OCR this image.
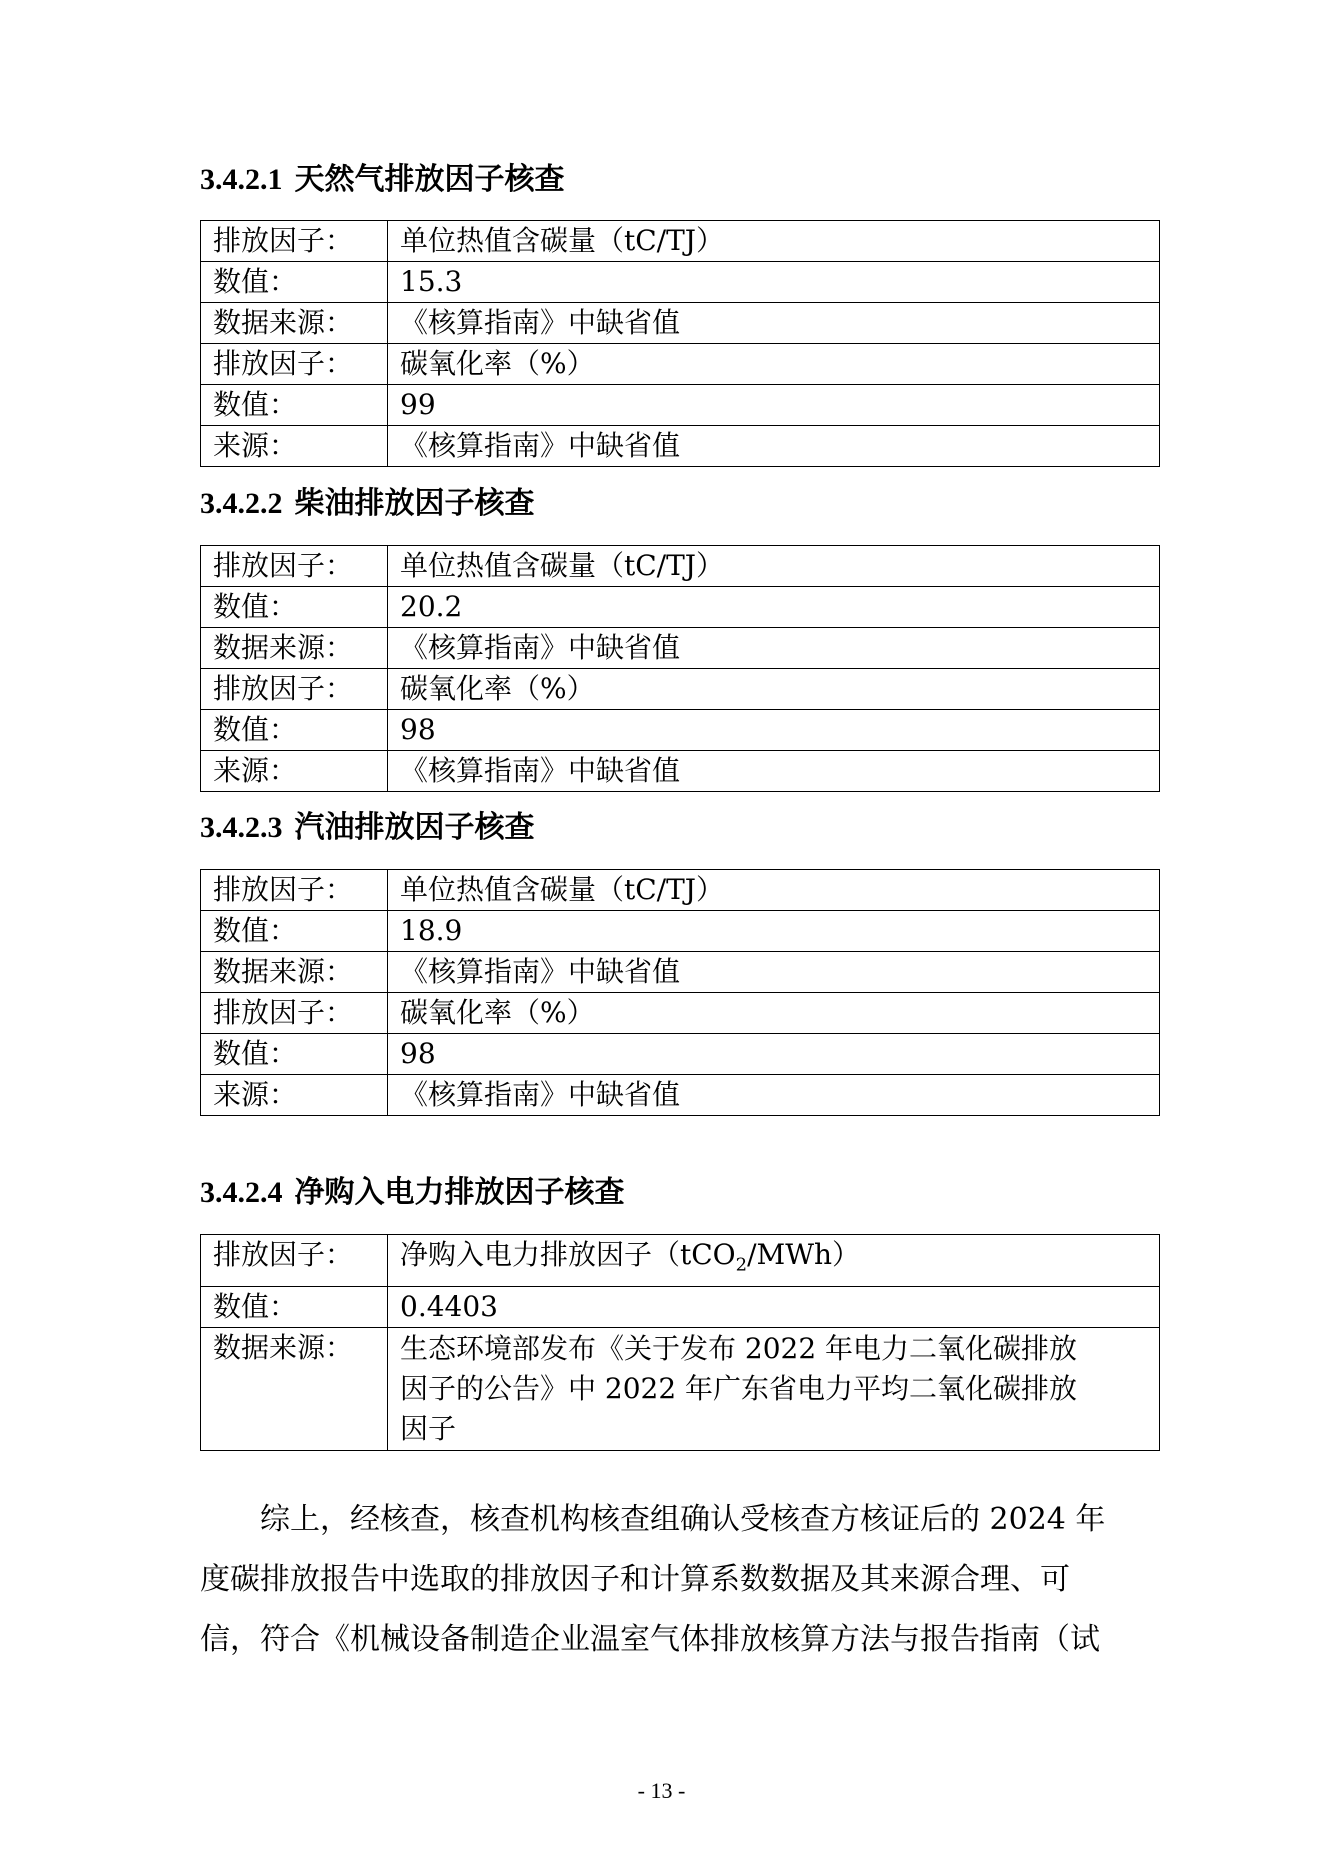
3.4.2.1 天然气排放因子核查
排放因子：	单位热值含碳量（tC/TJ）
数值：	15.3
数据来源：	《核算指南》中缺省值
排放因子：	碳氧化率（%）
数值：	99
来源：	《核算指南》中缺省值
3.4.2.2 柴油排放因子核查
排放因子：	单位热值含碳量（tC/TJ）
数值：	20.2
数据来源：	《核算指南》中缺省值
排放因子：	碳氧化率（%）
数值：	98
来源：	《核算指南》中缺省值
3.4.2.3 汽油排放因子核查
排放因子：	单位热值含碳量（tC/TJ）
数值：	18.9
数据来源：	《核算指南》中缺省值
排放因子：	碳氧化率（%）
数值：	98
来源：	《核算指南》中缺省值
3.4.2.4 净购入电力排放因子核查
排放因子：	净购入电力排放因子（tCO$_2$/MWh）
数值：	0.4403
数据来源：	生态环境部发布《关于发布 2022 年电力二氧化碳排放
因子的公告》中 2022 年广东省电力平均二氧化碳排放
因子

　　综上，经核查，核查机构核查组确认受核查方核证后的 2024 年
度碳排放报告中选取的排放因子和计算系数数据及其来源合理、可
信，符合《机械设备制造企业温室气体排放核算方法与报告指南（试

- 13 -
